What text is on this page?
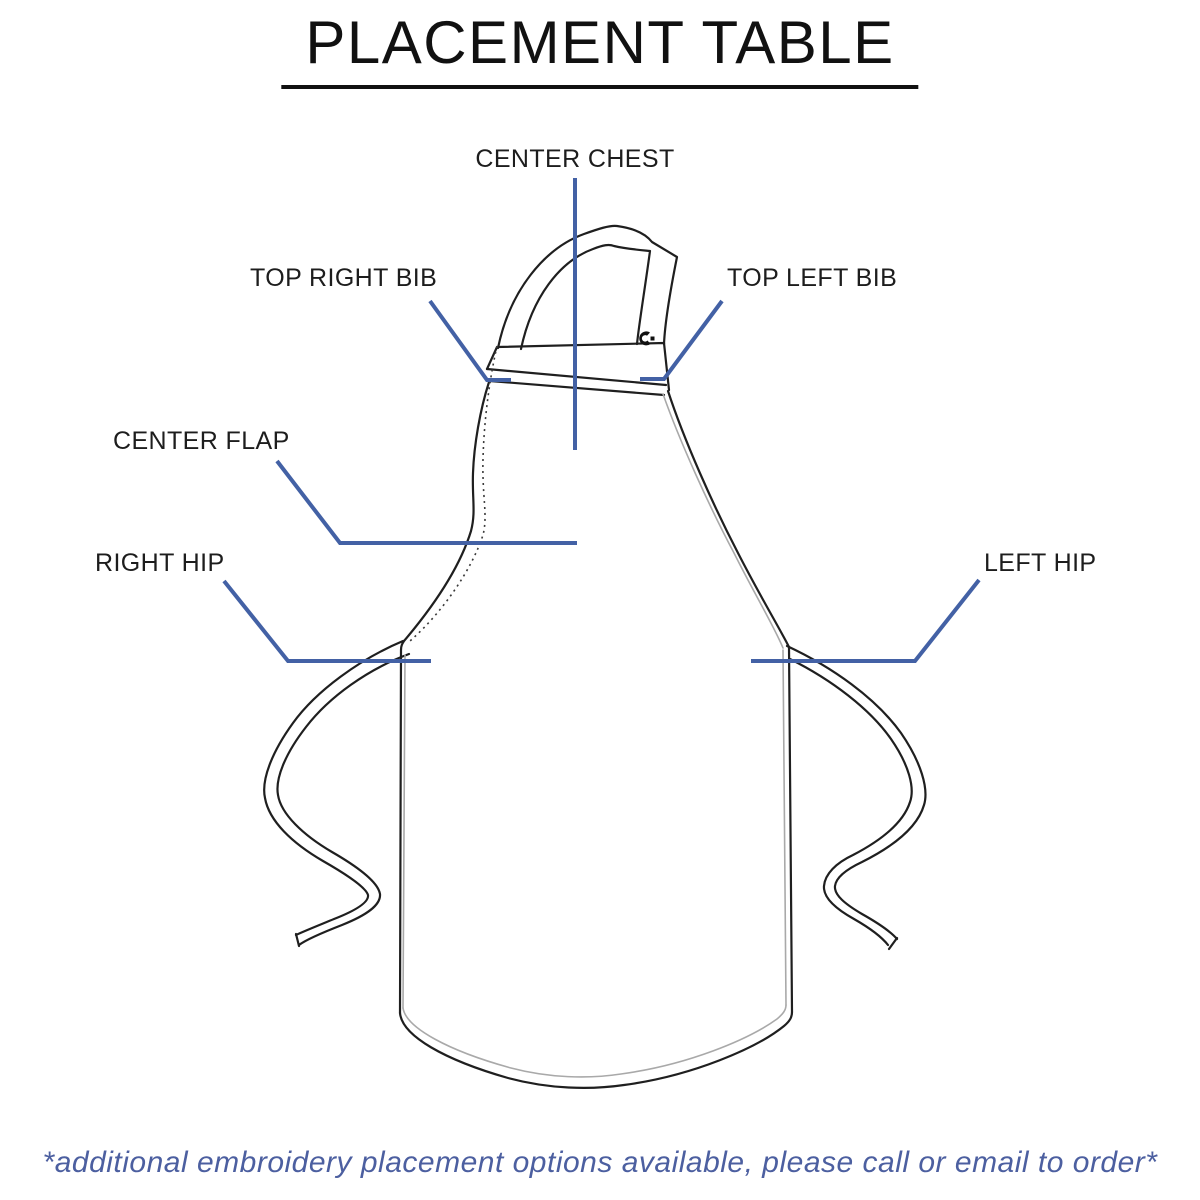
PLACEMENT TABLE
CENTER CHEST
TOP RIGHT BIB	TOP LEFT BIB
CENTER FLAP
RIGHT HIP	LEFT HIP
*additional embroidery placement options available, please call or email to order*
